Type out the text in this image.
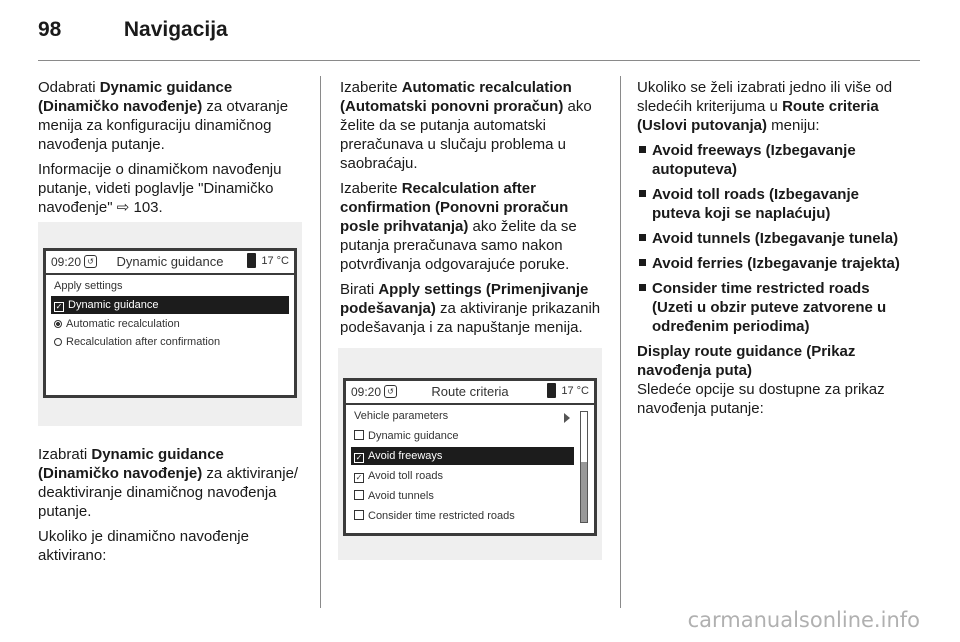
98	Navigacija

Odabrati Dynamic guidance (Dinamičko navođenje) za otvaranje menija za konfiguraciju dinamičnog navođenja putanje.

Informacije o dinamičkom navođenju putanje, videti poglavlje "Dinamičko navođenje" ⇨ 103.

Izabrati Dynamic guidance (Dinamičko navođenje) za aktiviranje/ deaktiviranje dinamičnog navođenja putanje.

Ukoliko je dinamično navođenje aktivirano:

09:20 ↺	Dynamic guidance	17 °C
Apply settings
✓ Dynamic guidance
Automatic recalculation
Recalculation after confirmation

Izaberite Automatic recalculation (Automatski ponovni proračun) ako želite da se putanja automatski preračunava u slučaju problema u saobraćaju.

Izaberite Recalculation after confirmation (Ponovni proračun posle prihvatanja) ako želite da se putanja preračunava samo nakon potvrđivanja odgovarajuće poruke.

Birati Apply settings (Primenjivanje podešavanja) za aktiviranje prikazanih podešavanja i za napuštanje menija.

09:20 ↺	Route criteria	17 °C
Vehicle parameters
Dynamic guidance
✓ Avoid freeways
✓ Avoid toll roads
Avoid tunnels
Consider time restricted roads

Ukoliko se želi izabrati jedno ili više od sledećih kriterijuma u Route criteria (Uslovi putovanja) meniju:

Avoid freeways (Izbegavanje autoputeva)
Avoid toll roads (Izbegavanje puteva koji se naplaćuju)
Avoid tunnels (Izbegavanje tunela)
Avoid ferries (Izbegavanje trajekta)
Consider time restricted roads (Uzeti u obzir puteve zatvorene u određenim periodima)

Display route guidance (Prikaz navođenja puta)

Sledeće opcije su dostupne za prikaz navođenja putanje:

carmanualsonline.info
